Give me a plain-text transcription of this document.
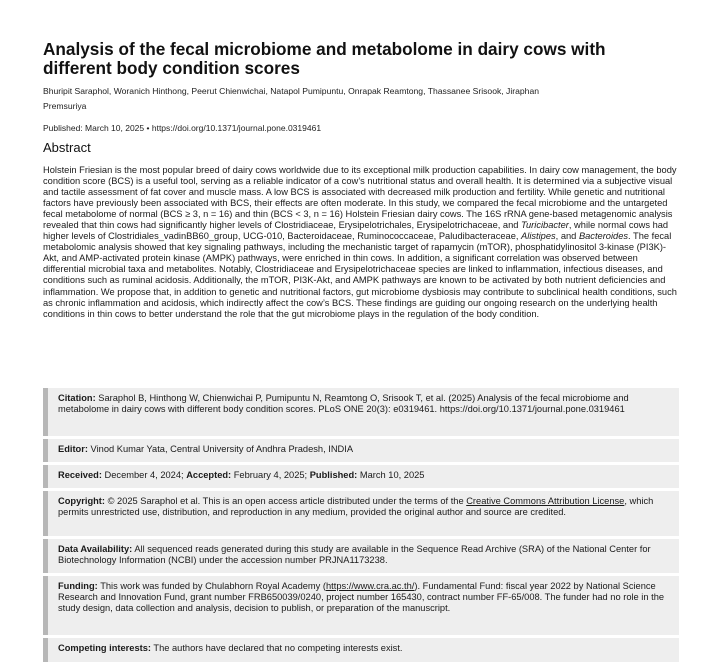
Analysis of the fecal microbiome and metabolome in dairy cows with different body condition scores

Bhuripit Saraphol, Woranich Hinthong, Peerut Chienwichai, Natapol Pumipuntu, Onrapak Reamtong, Thassanee Srisook, Jiraphan Premsuriya

Published: March 10, 2025 • https://doi.org/10.1371/journal.pone.0319461
Abstract

Holstein Friesian is the most popular breed of dairy cows worldwide due to its exceptional milk production capabilities. In dairy cow management, the body condition score (BCS) is a useful tool, serving as a reliable indicator of a cow’s nutritional status and overall health. It is determined via a subjective visual and tactile assessment of fat cover and muscle mass. A low BCS is associated with decreased milk production and fertility. While genetic and nutritional factors have previously been associated with BCS, their effects are often moderate. In this study, we compared the fecal microbiome and the untargeted fecal metabolome of normal (BCS ≥ 3, n = 16) and thin (BCS < 3, n = 16) Holstein Friesian dairy cows. The 16S rRNA gene-based metagenomic analysis revealed that thin cows had significantly higher levels of Clostridiaceae, Erysipelotrichales, Erysipelotrichaceae, and Turicibacter, while normal cows had higher levels of Clostridiales_vadinBB60_group, UCG-010, Bacteroidaceae, Ruminococcaceae, Paludibacteraceae, Alistipes, and Bacteroides. The fecal metabolomic analysis showed that key signaling pathways, including the mechanistic target of rapamycin (mTOR), phosphatidylinositol 3-kinase (PI3K)-Akt, and AMP-activated protein kinase (AMPK) pathways, were enriched in thin cows. In addition, a significant correlation was observed between differential microbial taxa and metabolites. Notably, Clostridiaceae and Erysipelotrichaceae species are linked to inflammation, infectious diseases, and conditions such as ruminal acidosis. Additionally, the mTOR, PI3K-Akt, and AMPK pathways are known to be activated by both nutrient deficiencies and inflammation. We propose that, in addition to genetic and nutritional factors, gut microbiome dysbiosis may contribute to subclinical health conditions, such as chronic inflammation and acidosis, which indirectly affect the cow’s BCS. These findings are guiding our ongoing research on the underlying health conditions in thin cows to better understand the role that the gut microbiome plays in the regulation of the body condition.

Citation: Saraphol B, Hinthong W, Chienwichai P, Pumipuntu N, Reamtong O, Srisook T, et al. (2025) Analysis of the fecal microbiome and metabolome in dairy cows with different body condition scores. PLoS ONE 20(3): e0319461. https://doi.org/10.1371/journal.pone.0319461
Editor: Vinod Kumar Yata, Central University of Andhra Pradesh, INDIA
Received: December 4, 2024; Accepted: February 4, 2025; Published: March 10, 2025
Copyright: © 2025 Saraphol et al. This is an open access article distributed under the terms of the Creative Commons Attribution License, which permits unrestricted use, distribution, and reproduction in any medium, provided the original author and source are credited.
Data Availability: All sequenced reads generated during this study are available in the Sequence Read Archive (SRA) of the National Center for Biotechnology Information (NCBI) under the accession number PRJNA1173238.
Funding: This work was funded by Chulabhorn Royal Academy (https://www.cra.ac.th/). Fundamental Fund: fiscal year 2022 by National Science Research and Innovation Fund, grant number FRB650039/0240, project number 165430, contract number FF-65/008. The funder had no role in the study design, data collection and analysis, decision to publish, or preparation of the manuscript.
Competing interests: The authors have declared that no competing interests exist.
